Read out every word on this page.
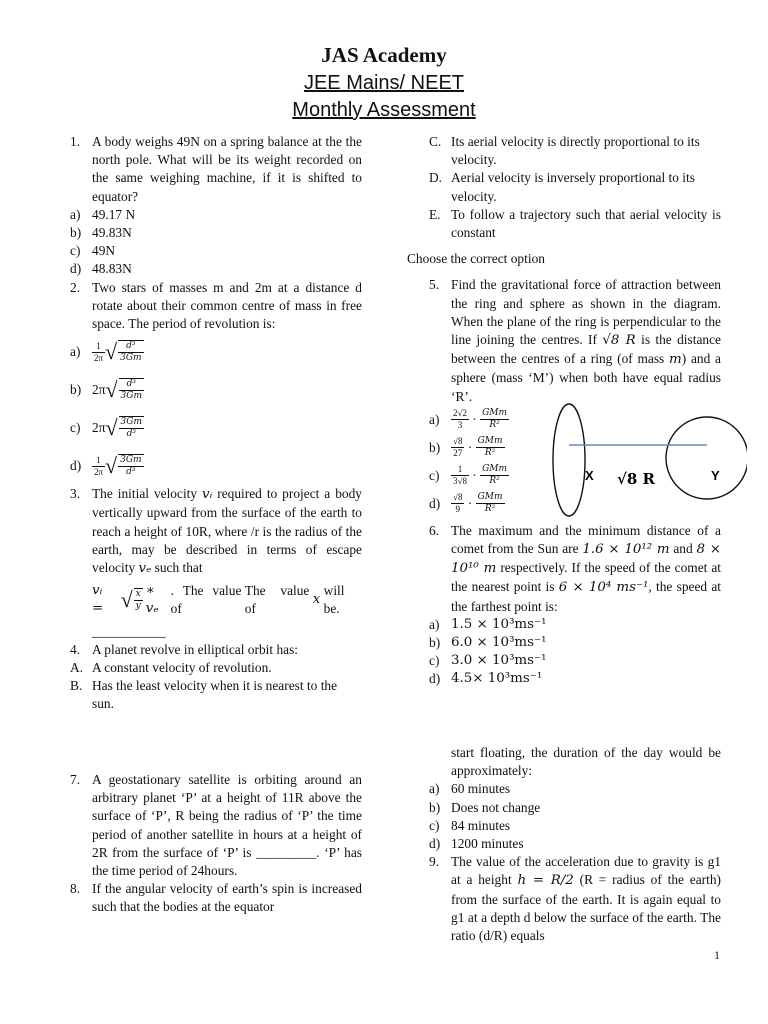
JAS Academy
JEE Mains/ NEET
Monthly Assessment
1. A body weighs 49N on a spring balance at the the north pole. What will be its weight recorded on the same weighing machine, if it is shifted to equator?
a) 49.17 N
b) 49.83N
c) 49N
d) 48.83N
2. Two stars of masses m and 2m at a distance d rotate about their common centre of mass in free space. The period of revolution is:
a)	$\frac{1}{2\pi}$ √ $\frac{\text{d³}}{3Gm}$
b) 2π √ $\frac{\text{d³}}{3Gm}$
c) 2π √ $\frac{3Gm}{\text{d³}}$
d)	$\frac{1}{2\pi}$ √ $\frac{3Gm}{\text{d³}}$
3. The initial velocity vᵢ required to project a body vertically upward from the surface of the earth to reach a height of 10R, where /r is the radius of the earth, may be described in terms of escape velocity vₑ such that
vᵢ = √ $\frac{x}{y}$ ∗ vₑ
. The value of

The value of

x

will be.
___________
4. A planet revolve in elliptical orbit has:
A. A constant velocity of revolution.
B. Has the least velocity when it is nearest to the sun.
7. A geostationary satellite is orbiting around an arbitrary planet ‘P’ at a height of 11R above the surface of ‘P’, R being the radius of ‘P’ the time period of another satellite in hours at a height of 2R from the surface of ‘P’ is _________. ‘P’ has the time period of 24hours.
8. If the angular velocity of earth’s spin is increased such that the bodies at the equator
C. Its aerial velocity is directly proportional to its velocity.
D. Aerial velocity is inversely proportional to its velocity.
E. To follow a trajectory such that aerial velocity is constant
Choose the correct option
5. Find the gravitational force of attraction between the ring and sphere as shown in the diagram. When the plane of the ring is perpendicular to the line joining the centres. If √8 R is the distance between the centres of a ring (of mass m) and a sphere (mass ‘M’) when both have equal radius ‘R’.
a)	$\frac{2√2}{3} \cdot \frac{\text{GMm}}{\text{R²}}$
b)	$\frac{√8}{27} \cdot \frac{\text{GMm}}{\text{R²}}$
c)	$\frac{1}{3√8} \cdot \frac{\text{GMm}}{\text{R²}}$
d)	$\frac{√8}{9} \cdot \frac{\text{GMm}}{\text{R²}}$
X √8 R	Y
6. The maximum and the minimum distance of a comet from the Sun are 1.6 × 10¹² m and 8 × 10¹⁰ m respectively. If the speed of the comet at the nearest point is 6 × 10⁴ ms⁻¹, the speed at the farthest point is:
a) 1.5 × 10³ms⁻¹
b) 6.0 × 10³ms⁻¹
c) 3.0 × 10³ms⁻¹
d) 4.5× 10³ms⁻¹
start floating, the duration of the day would be approximately:
a) 60 minutes
b) Does not change
c) 84 minutes
d) 1200 minutes
9. The value of the acceleration due to gravity is g1 at a height h = R/2 (R = radius of the earth) from the surface of the earth. It is again equal to g1 at a depth d below the surface of the earth. The ratio (d/R) equals
1
